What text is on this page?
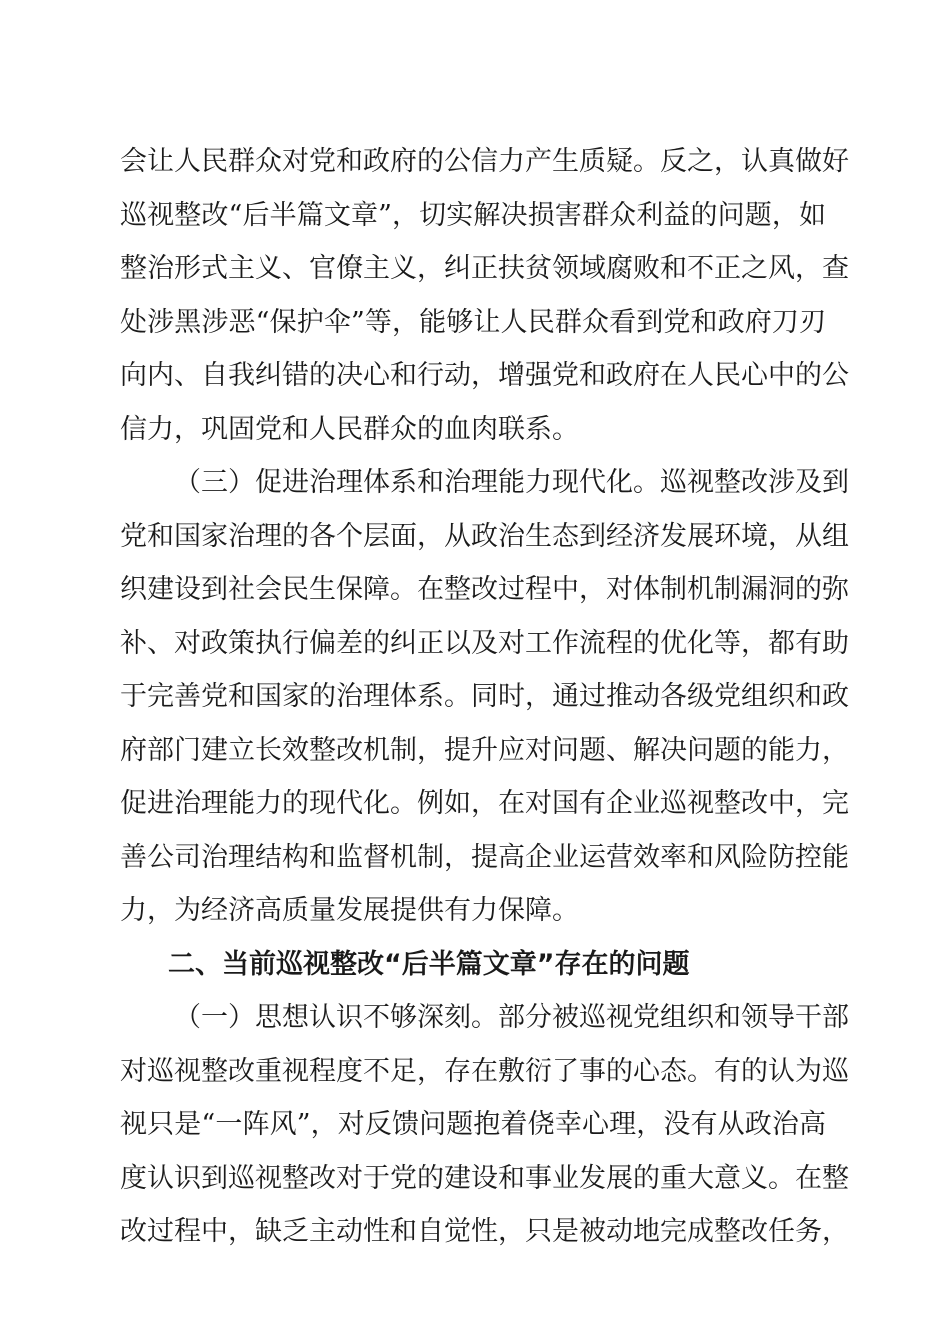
会让人民群众对党和政府的公信力产生质疑。反之，认真做好
巡视整改“后半篇文章”，切实解决损害群众利益的问题，如
整治形式主义、官僚主义，纠正扶贫领域腐败和不正之风，查
处涉黑涉恶“保护伞”等，能够让人民群众看到党和政府刀刃
向内、自我纠错的决心和行动，增强党和政府在人民心中的公
信力，巩固党和人民群众的血肉联系。
（三）促进治理体系和治理能力现代化。巡视整改涉及到
党和国家治理的各个层面，从政治生态到经济发展环境，从组
织建设到社会民生保障。在整改过程中，对体制机制漏洞的弥
补、对政策执行偏差的纠正以及对工作流程的优化等，都有助
于完善党和国家的治理体系。同时，通过推动各级党组织和政
府部门建立长效整改机制，提升应对问题、解决问题的能力，
促进治理能力的现代化。例如，在对国有企业巡视整改中，完
善公司治理结构和监督机制，提高企业运营效率和风险防控能
力，为经济高质量发展提供有力保障。
二、当前巡视整改“后半篇文章”存在的问题
（一）思想认识不够深刻。部分被巡视党组织和领导干部
对巡视整改重视程度不足，存在敷衍了事的心态。有的认为巡
视只是“一阵风”，对反馈问题抱着侥幸心理，没有从政治高
度认识到巡视整改对于党的建设和事业发展的重大意义。在整
改过程中，缺乏主动性和自觉性，只是被动地完成整改任务，
